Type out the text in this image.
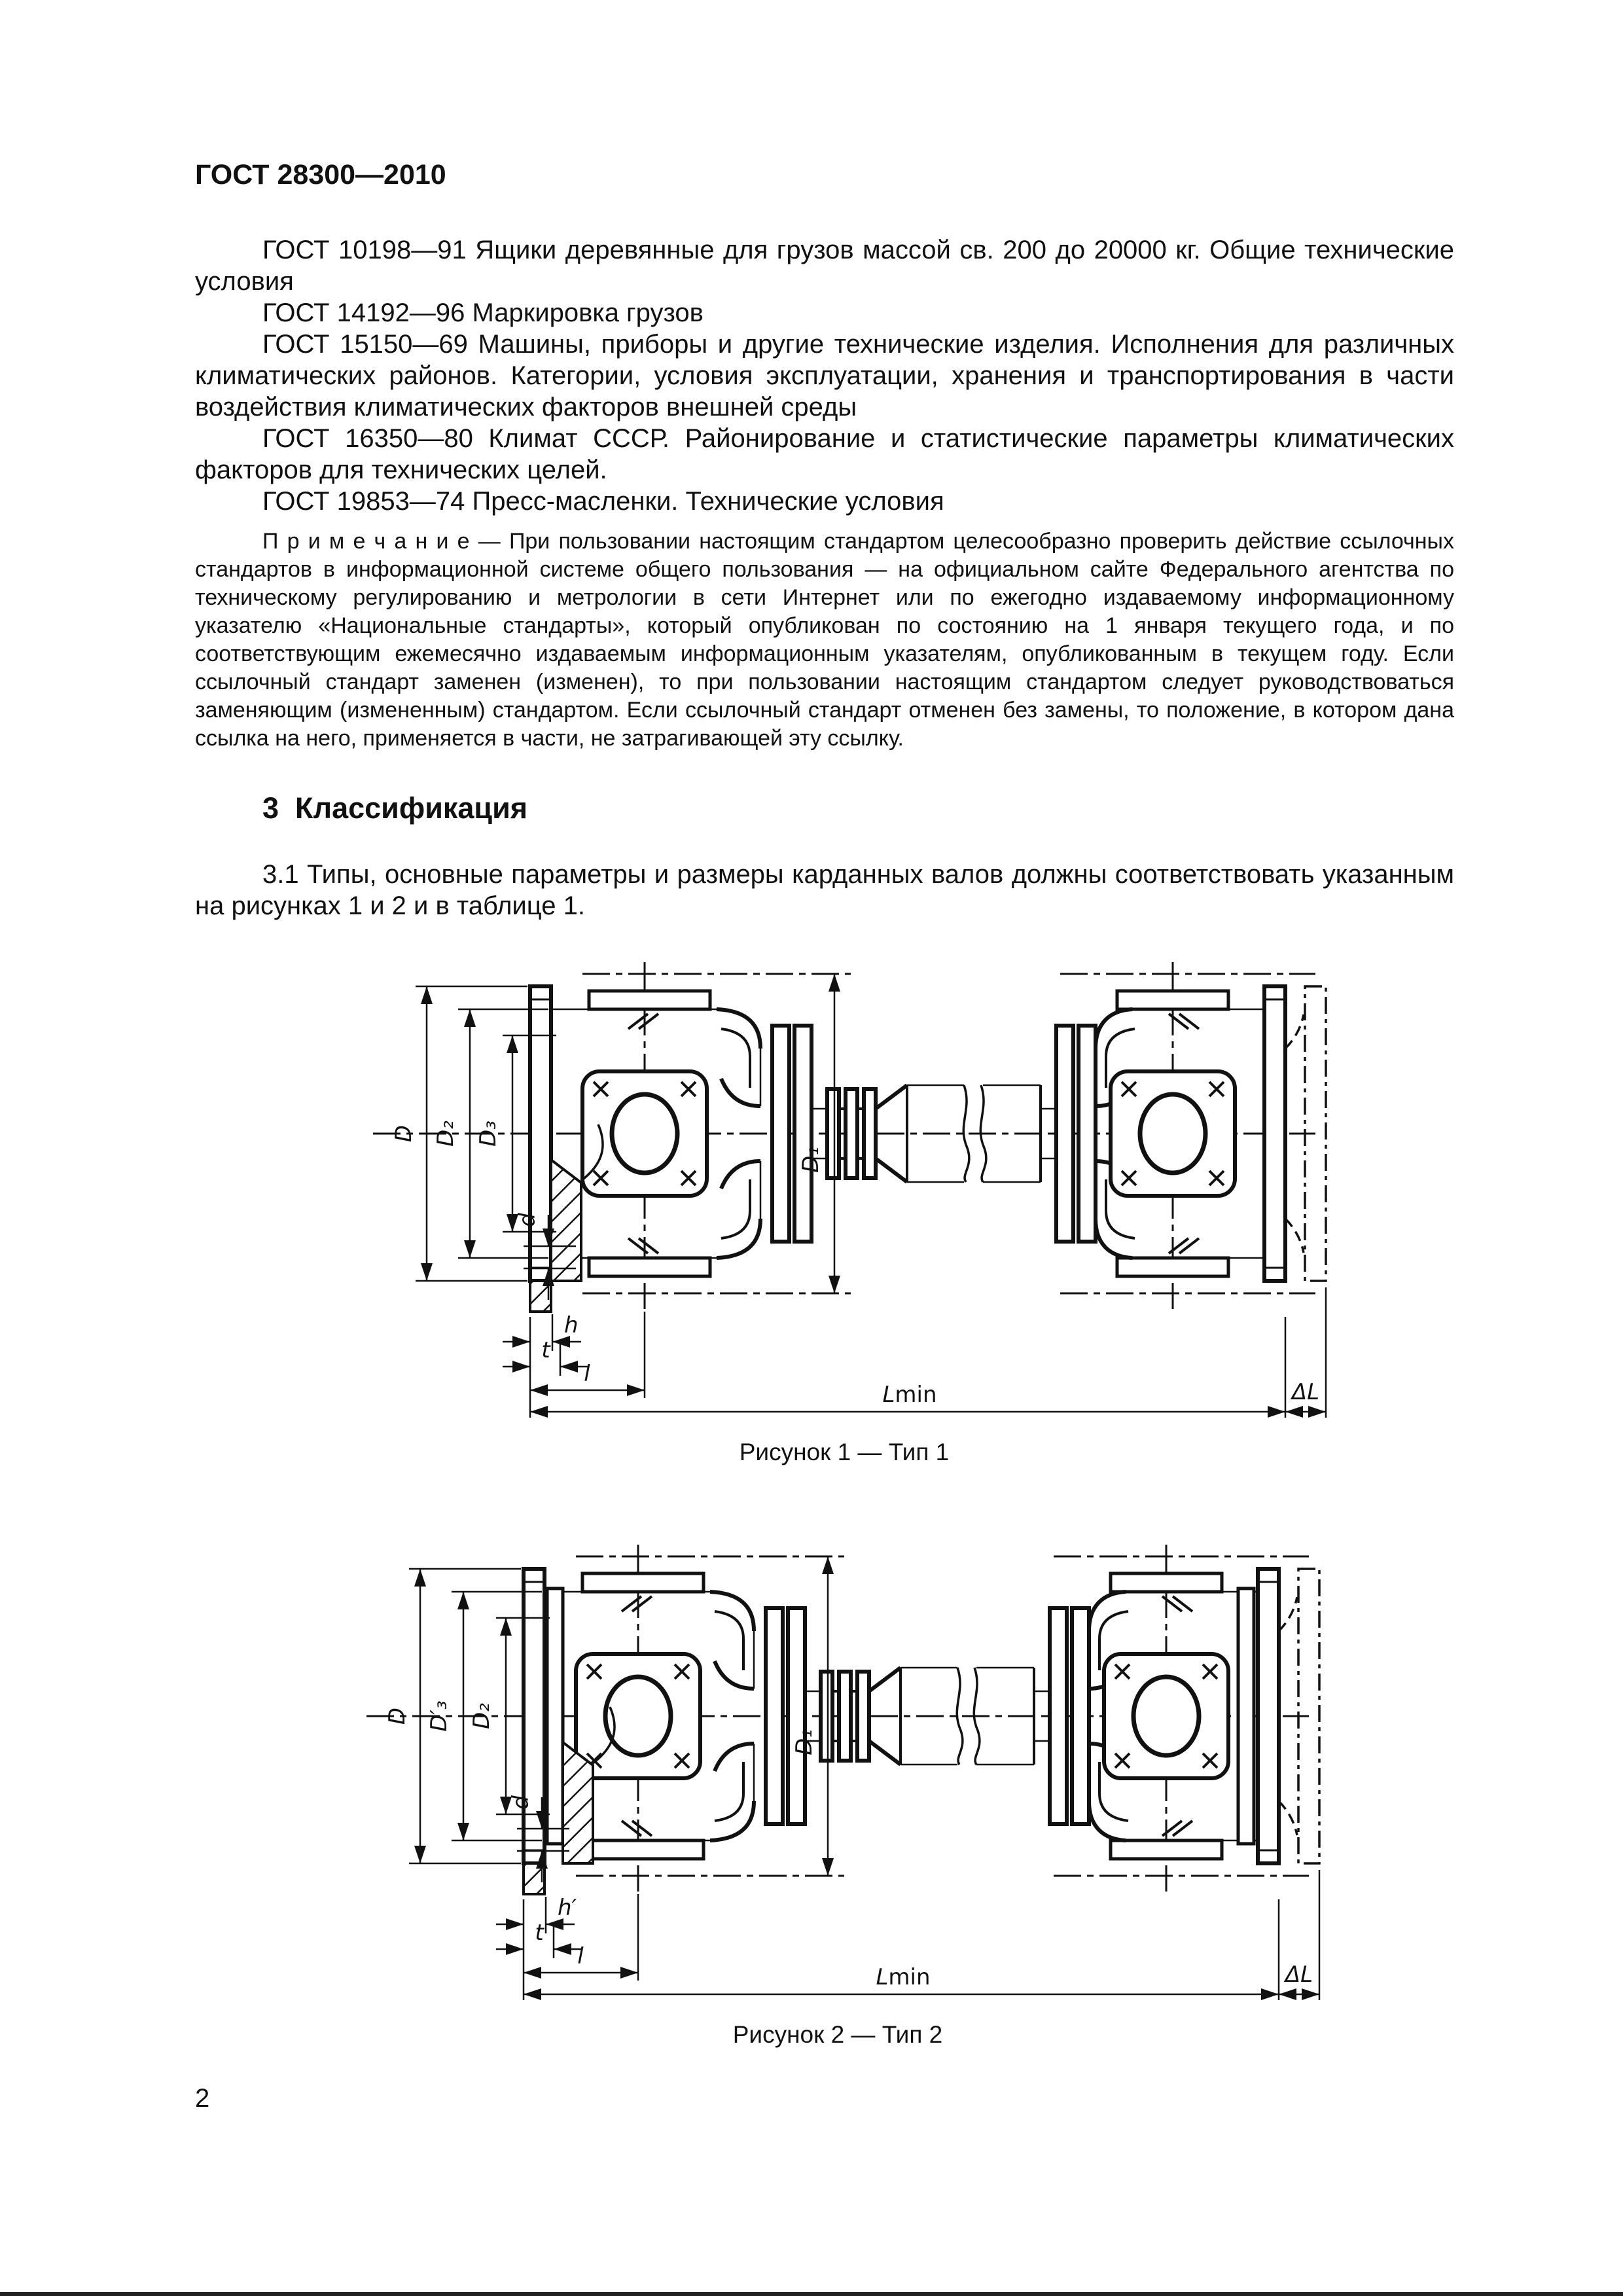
ГОСТ 28300—2010

ГОСТ 10198—91 Ящики деревянные для грузов массой св. 200 до 20000 кг. Общие технические условия

ГОСТ 14192—96 Маркировка грузов

ГОСТ 15150—69 Машины, приборы и другие технические изделия. Исполнения для различных климатических районов. Категории, условия эксплуатации, хранения и транспортирования в части воздействия климатических факторов внешней среды

ГОСТ 16350—80 Климат СССР. Районирование и статистические параметры климатических факторов для технических целей.

ГОСТ 19853—74 Пресс-масленки. Технические условия

П р и м е ч а н и е — При пользовании настоящим стандартом целесообразно проверить действие ссылочных стандартов в информационной системе общего пользования — на официальном сайте Федерального агентства по техническому регулированию и метрологии в сети Интернет или по ежегодно издаваемому информационному указателю «Национальные стандарты», который опубликован по состоянию на 1 января текущего года, и по соответствующим ежемесячно издаваемым информационным указателям, опубликованным в текущем году. Если ссылочный стандарт заменен (изменен), то при пользовании настоящим стандартом следует руководствоваться заменяющим (измененным) стандартом. Если ссылочный стандарт отменен без замены, то положение, в котором дана ссылка на него, применяется в части, не затрагивающей эту ссылку.

3  Классификация

3.1 Типы, основные параметры и размеры карданных валов должны соответствовать указанным на рисунках 1 и 2 и в таблице 1.

D D₂ D₃
d
D₁
h
t
l
Lmin	ΔL
Рисунок 1 — Тип 1
D D′₃ D₂
d
D₁
h′
t
l
Lmin	ΔL
Рисунок 2 — Тип 2
2
